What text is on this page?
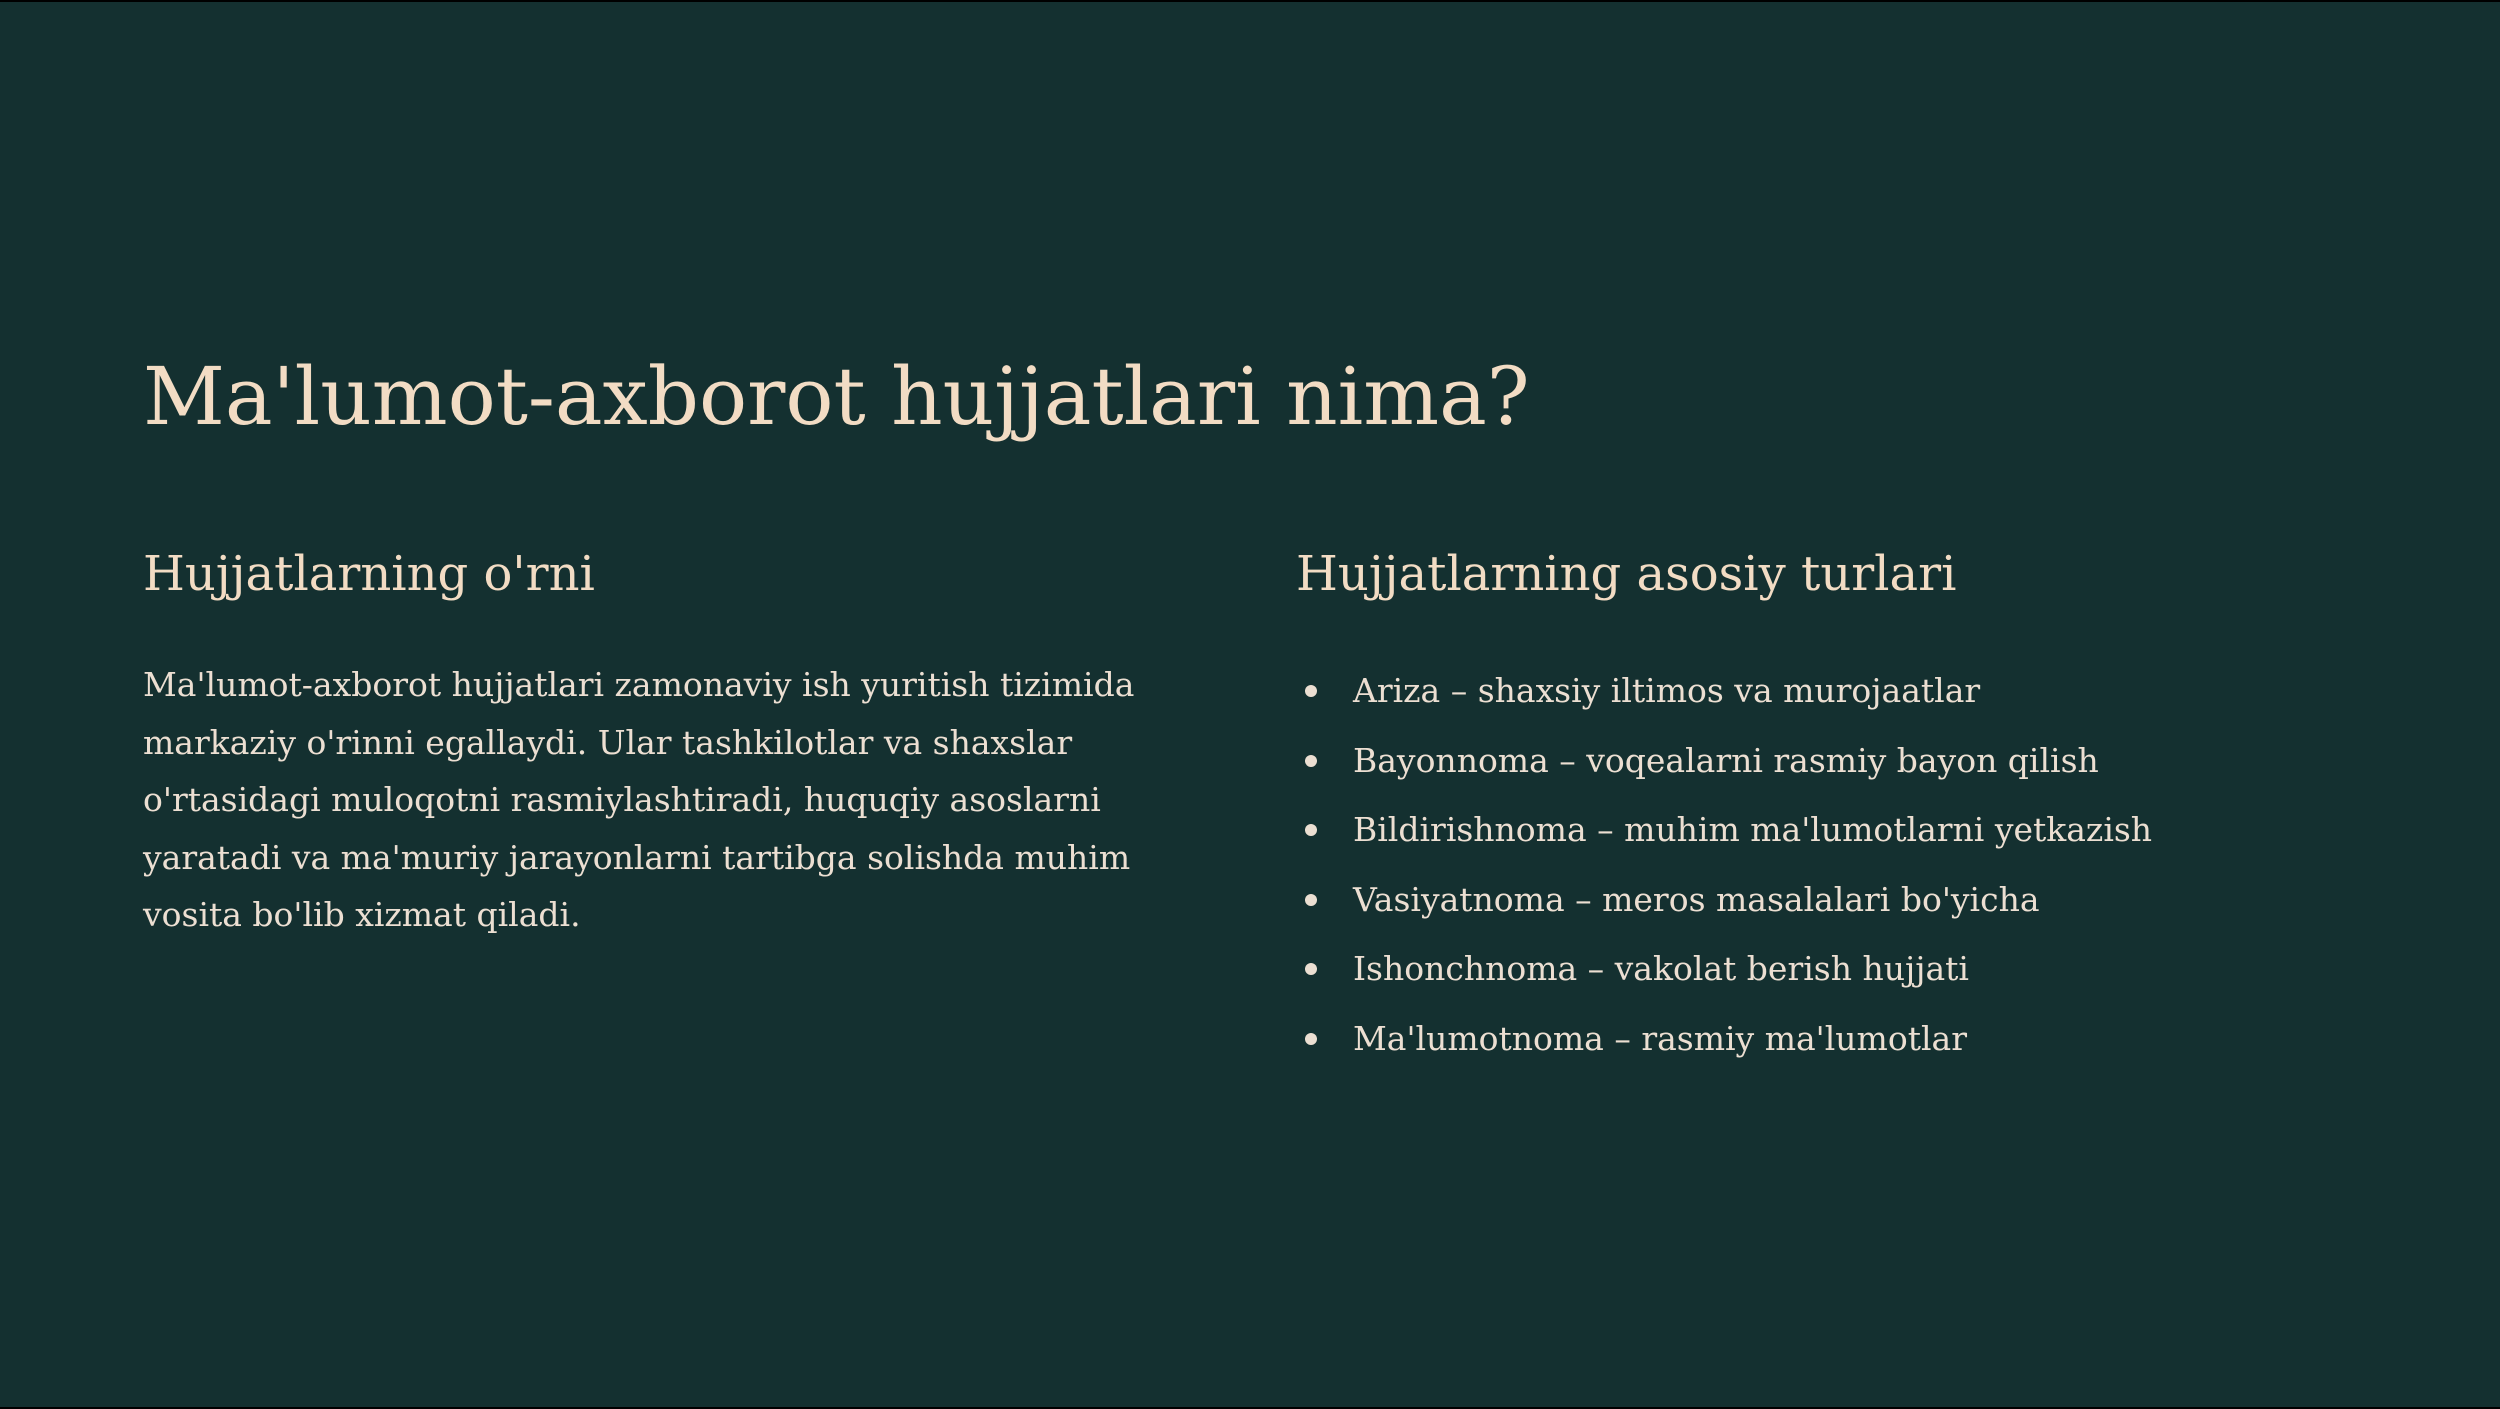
Ma'lumot-axborot hujjatlari nima?
Hujjatlarning o'rni

Ma'lumot-axborot hujjatlari zamonaviy ish yuritish tizimida markaziy o'rinni egallaydi. Ular tashkilotlar va shaxslar o'rtasidagi muloqotni rasmiylashtiradi, huquqiy asoslarni yaratadi va ma'muriy jarayonlarni tartibga solishda muhim vosita bo'lib xizmat qiladi.

Hujjatlarning asosiy turlari
Ariza – shaxsiy iltimos va murojaatlar
Bayonnoma – voqealarni rasmiy bayon qilish
Bildirishnoma – muhim ma'lumotlarni yetkazish
Vasiyatnoma – meros masalalari bo'yicha
Ishonchnoma – vakolat berish hujjati
Ma'lumotnoma – rasmiy ma'lumotlar
